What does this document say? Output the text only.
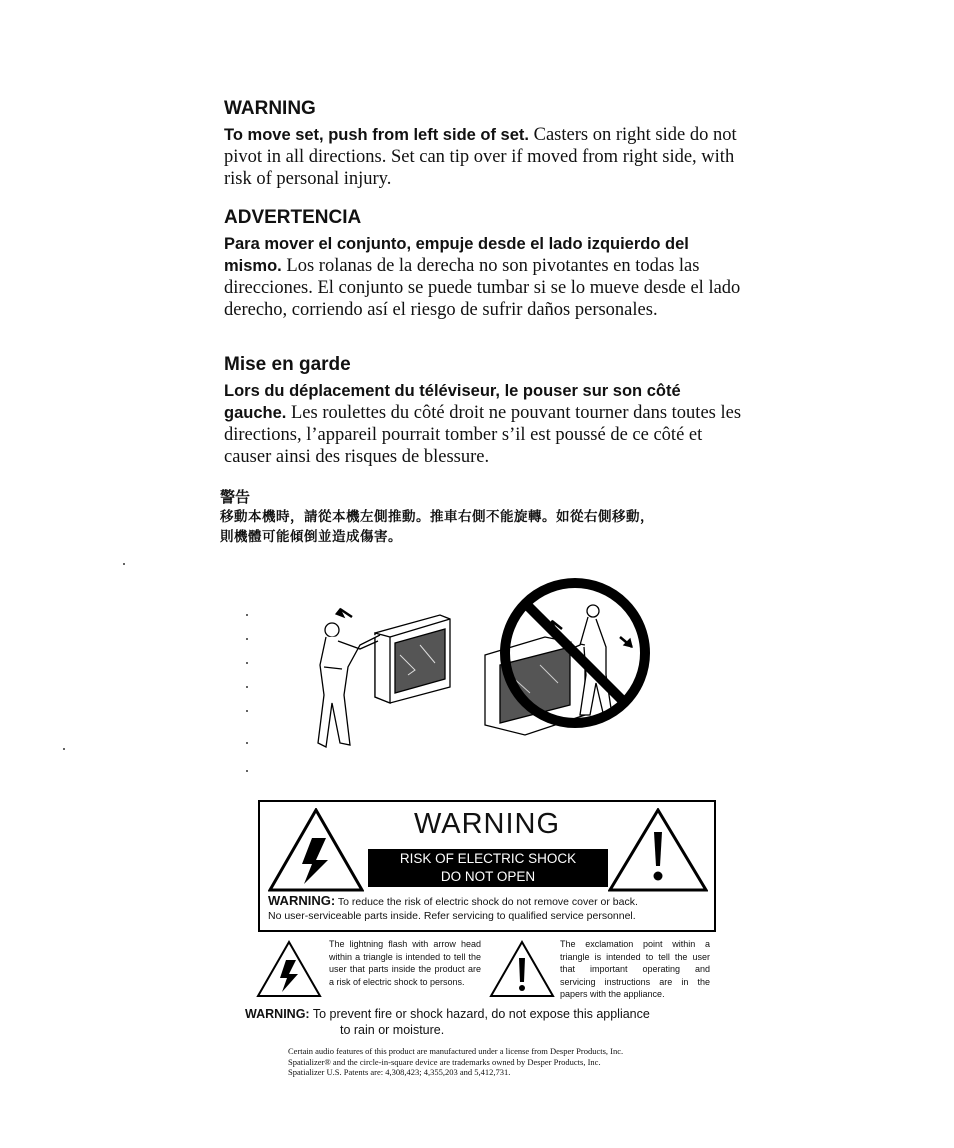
WARNING

To move set, push from left side of set. Casters on right side do not pivot in all directions. Set can tip over if moved from right side, with risk of personal injury.

ADVERTENCIA

Para mover el conjunto, empuje desde el lado izquierdo del mismo. Los rolanas de la derecha no son pivotantes en todas las direcciones. El conjunto se puede tumbar si se lo mueve desde el lado derecho, corriendo así el riesgo de sufrir daños personales.

Mise en garde

Lors du déplacement du téléviseur, le pouser sur son côté gauche. Les roulettes du côté droit ne pouvant tourner dans toutes les directions, l’appareil pourrait tomber s’il est poussé de ce côté et causer ainsi des risques de blessure.

警告
移動本機時，請從本機左側推動。推車右側不能旋轉。如從右側移動，
則機體可能傾倒並造成傷害。
WARNING
RISK OF ELECTRIC SHOCK
DO NOT OPEN
WARNING: To reduce the risk of electric shock do not remove cover or back.
No user-serviceable parts inside. Refer servicing to qualified service personnel.
The lightning flash with arrow head within a triangle is intended to tell the user that parts inside the product are a risk of electric shock to persons.
The exclamation point within a triangle is intended to tell the user that important operating and servicing instructions are in the papers with the appliance.
WARNING: To prevent fire or shock hazard, do not expose this appliance
to rain or moisture.
Certain audio features of this product are manufactured under a license from Desper Products, Inc.
Spatializer® and the circle-in-square device are trademarks owned by Desper Products, Inc.
Spatializer U.S. Patents are: 4,308,423; 4,355,203 and 5,412,731.
